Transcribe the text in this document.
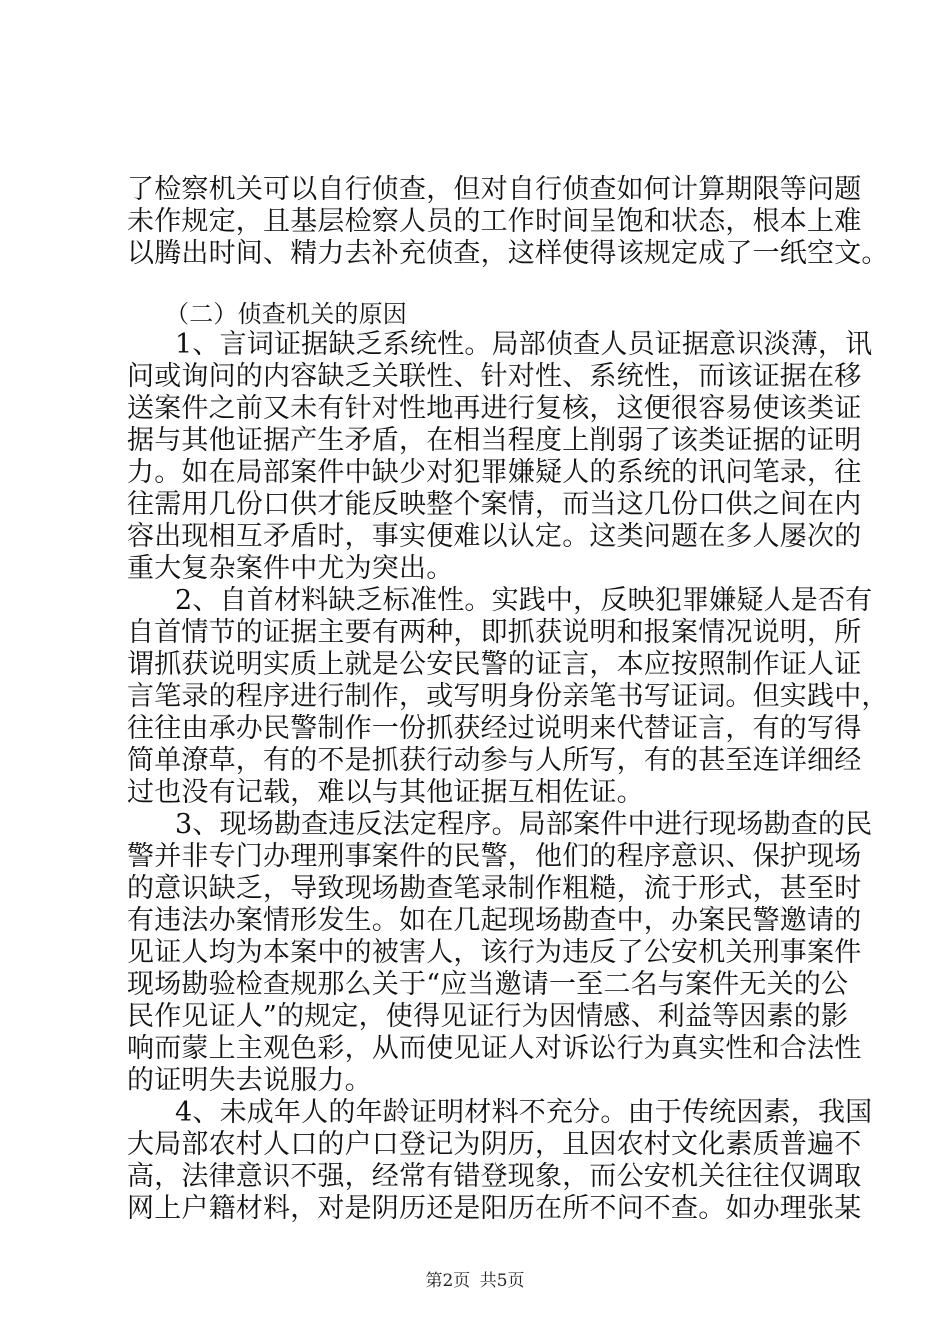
了检察机关可以自行侦查，但对自行侦查如何计算期限等问题
未作规定，且基层检察人员的工作时间呈饱和状态，根本上难
以腾出时间、精力去补充侦查，这样使得该规定成了一纸空文。
（二）侦查机关的原因
1、言词证据缺乏系统性。局部侦查人员证据意识淡薄，讯
问或询问的内容缺乏关联性、针对性、系统性，而该证据在移
送案件之前又未有针对性地再进行复核，这便很容易使该类证
据与其他证据产生矛盾，在相当程度上削弱了该类证据的证明
力。如在局部案件中缺少对犯罪嫌疑人的系统的讯问笔录，往
往需用几份口供才能反映整个案情，而当这几份口供之间在内
容出现相互矛盾时，事实便难以认定。这类问题在多人屡次的
重大复杂案件中尤为突出。
2、自首材料缺乏标准性。实践中，反映犯罪嫌疑人是否有
自首情节的证据主要有两种，即抓获说明和报案情况说明，所
谓抓获说明实质上就是公安民警的证言，本应按照制作证人证
言笔录的程序进行制作，或写明身份亲笔书写证词。但实践中，
往往由承办民警制作一份抓获经过说明来代替证言，有的写得
简单潦草，有的不是抓获行动参与人所写，有的甚至连详细经
过也没有记载，难以与其他证据互相佐证。
3、现场勘查违反法定程序。局部案件中进行现场勘查的民
警并非专门办理刑事案件的民警，他们的程序意识、保护现场
的意识缺乏，导致现场勘查笔录制作粗糙，流于形式，甚至时
有违法办案情形发生。如在几起现场勘查中，办案民警邀请的
见证人均为本案中的被害人，该行为违反了公安机关刑事案件
现场勘验检查规那么关于“应当邀请一至二名与案件无关的公
民作见证人”的规定，使得见证行为因情感、利益等因素的影
响而蒙上主观色彩，从而使见证人对诉讼行为真实性和合法性
的证明失去说服力。
4、未成年人的年龄证明材料不充分。由于传统因素，我国
大局部农村人口的户口登记为阴历，且因农村文化素质普遍不
高，法律意识不强，经常有错登现象，而公安机关往往仅调取
网上户籍材料，对是阴历还是阳历在所不问不查。如办理张某
第2页 共5页
